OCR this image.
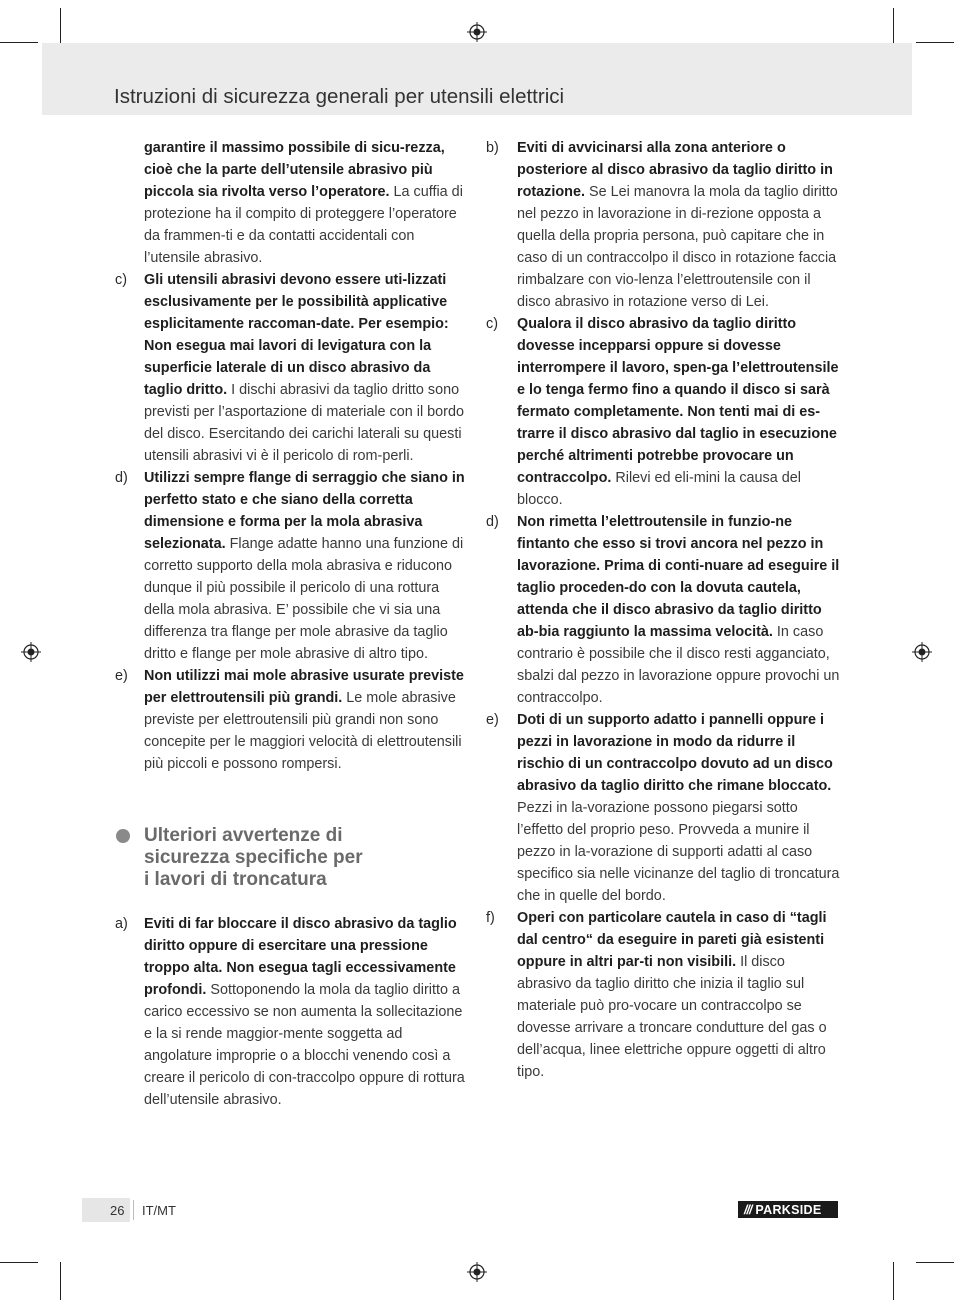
Istruzioni di sicurezza generali per utensili elettrici

garantire il massimo possibile di sicu-rezza, cioè che la parte dell’utensile abrasivo più piccola sia rivolta verso l’operatore. La cuffia di protezione ha il compito di proteggere l’operatore da frammen-ti e da contatti accidentali con l’utensile abrasivo.

c) Gli utensili abrasivi devono essere uti-lizzati esclusivamente per le possibilità applicative esplicitamente raccoman-date. Per esempio: Non esegua mai lavori di levigatura con la superficie laterale di un disco abrasivo da taglio dritto. I dischi abrasivi da taglio dritto sono previsti per l’asportazione di materiale con il bordo del disco. Esercitando dei carichi laterali su questi utensili abrasivi vi è il pericolo di rom-perli.

d) Utilizzi sempre flange di serraggio che siano in perfetto stato e che siano della corretta dimensione e forma per la mola abrasiva selezionata. Flange adatte hanno una funzione di corretto supporto della mola abrasiva e riducono dunque il più possibile il pericolo di una rottura della mola abrasiva. E’ possibile che vi sia una differenza tra flange per mole abrasive da taglio dritto e flange per mole abrasive di altro tipo.

e) Non utilizzi mai mole abrasive usurate previste per elettroutensili più grandi. Le mole abrasive previste per elettroutensili più grandi non sono concepite per le maggiori velocità di elettroutensili più piccoli e possono rompersi.

Ulteriori avvertenze di
sicurezza specifiche per
i lavori di troncatura

a) Eviti di far bloccare il disco abrasivo da taglio diritto oppure di esercitare una pressione troppo alta. Non esegua tagli eccessivamente profondi. Sottoponendo la mola da taglio diritto a carico eccessivo se non aumenta la sollecitazione e la si rende maggior-mente soggetta ad angolature improprie o a blocchi venendo così a creare il pericolo di con-traccolpo oppure di rottura dell’utensile abrasivo.

b) Eviti di avvicinarsi alla zona anteriore o posteriore al disco abrasivo da taglio diritto in rotazione. Se Lei manovra la mola da taglio diritto nel pezzo in lavorazione in di-rezione opposta a quella della propria persona, può capitare che in caso di un contraccolpo il disco in rotazione faccia rimbalzare con vio-lenza l’elettroutensile con il disco abrasivo in rotazione verso di Lei.

c) Qualora il disco abrasivo da taglio diritto dovesse incepparsi oppure si dovesse interrompere il lavoro, spen-ga l’elettroutensile e lo tenga fermo fino a quando il disco si sarà fermato completamente. Non tenti mai di es-trarre il disco abrasivo dal taglio in esecuzione perché altrimenti potrebbe provocare un contraccolpo. Rilevi ed eli-mini la causa del blocco.

d) Non rimetta l’elettroutensile in funzio-ne fintanto che esso si trovi ancora nel pezzo in lavorazione. Prima di conti-nuare ad eseguire il taglio proceden-do con la dovuta cautela, attenda che il disco abrasivo da taglio diritto ab-bia raggiunto la massima velocità. In caso contrario è possibile che il disco resti agganciato, sbalzi dal pezzo in lavorazione oppure provochi un contraccolpo.

e) Doti di un supporto adatto i pannelli oppure i pezzi in lavorazione in modo da ridurre il rischio di un contraccolpo dovuto ad un disco abrasivo da taglio diritto che rimane bloccato. Pezzi in la-vorazione possono piegarsi sotto l’effetto del proprio peso. Provveda a munire il pezzo in la-vorazione di supporti adatti al caso specifico sia nelle vicinanze del taglio di troncatura che in quelle del bordo.

f) Operi con particolare cautela in caso di “tagli dal centro“ da eseguire in pareti già esistenti oppure in altri par-ti non visibili. Il disco abrasivo da taglio diritto che inizia il taglio sul materiale può pro-vocare un contraccolpo se dovesse arrivare a troncare condutture del gas o dell’acqua, linee elettriche oppure oggetti di altro tipo.

26 IT/MT	/// PARKSIDE
